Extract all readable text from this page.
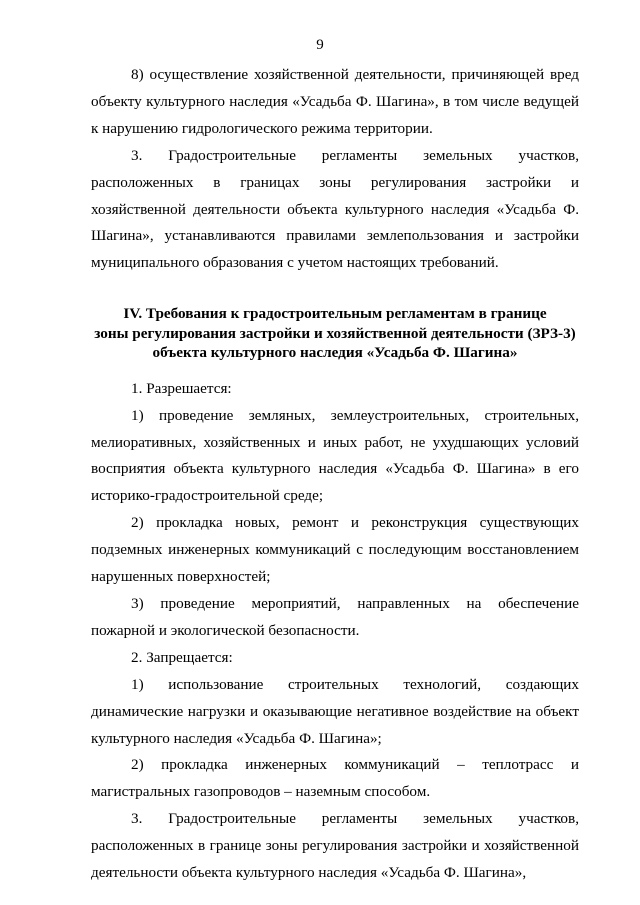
9

8) осуществление хозяйственной деятельности, причиняющей вред объекту культурного наследия «Усадьба Ф. Шагина», в том числе ведущей к нарушению гидрологического режима территории.

3. Градостроительные регламенты земельных участков, расположенных в границах зоны регулирования застройки и хозяйственной деятельности объекта культурного наследия «Усадьба Ф. Шагина», устанавливаются правилами землепользования и застройки муниципального образования с учетом настоящих требований.

IV. Требования к градостроительным регламентам в границе
зоны регулирования застройки и хозяйственной деятельности (ЗРЗ-3)
объекта культурного наследия «Усадьба Ф. Шагина»

1. Разрешается:

1) проведение земляных, землеустроительных, строительных, мелиоративных, хозяйственных и иных работ, не ухудшающих условий восприятия объекта культурного наследия «Усадьба Ф. Шагина» в его историко-градостроительной среде;

2) прокладка новых, ремонт и реконструкция существующих подземных инженерных коммуникаций с последующим восстановлением нарушенных поверхностей;

3) проведение мероприятий, направленных на обеспечение пожарной и экологической безопасности.

2. Запрещается:

1) использование строительных технологий, создающих динамические нагрузки и оказывающие негативное воздействие на объект культурного наследия «Усадьба Ф. Шагина»;

2) прокладка инженерных коммуникаций – теплотрасс и магистральных газопроводов – наземным способом.

3. Градостроительные регламенты земельных участков, расположенных в границе зоны регулирования застройки и хозяйственной деятельности объекта культурного наследия «Усадьба Ф. Шагина»,
